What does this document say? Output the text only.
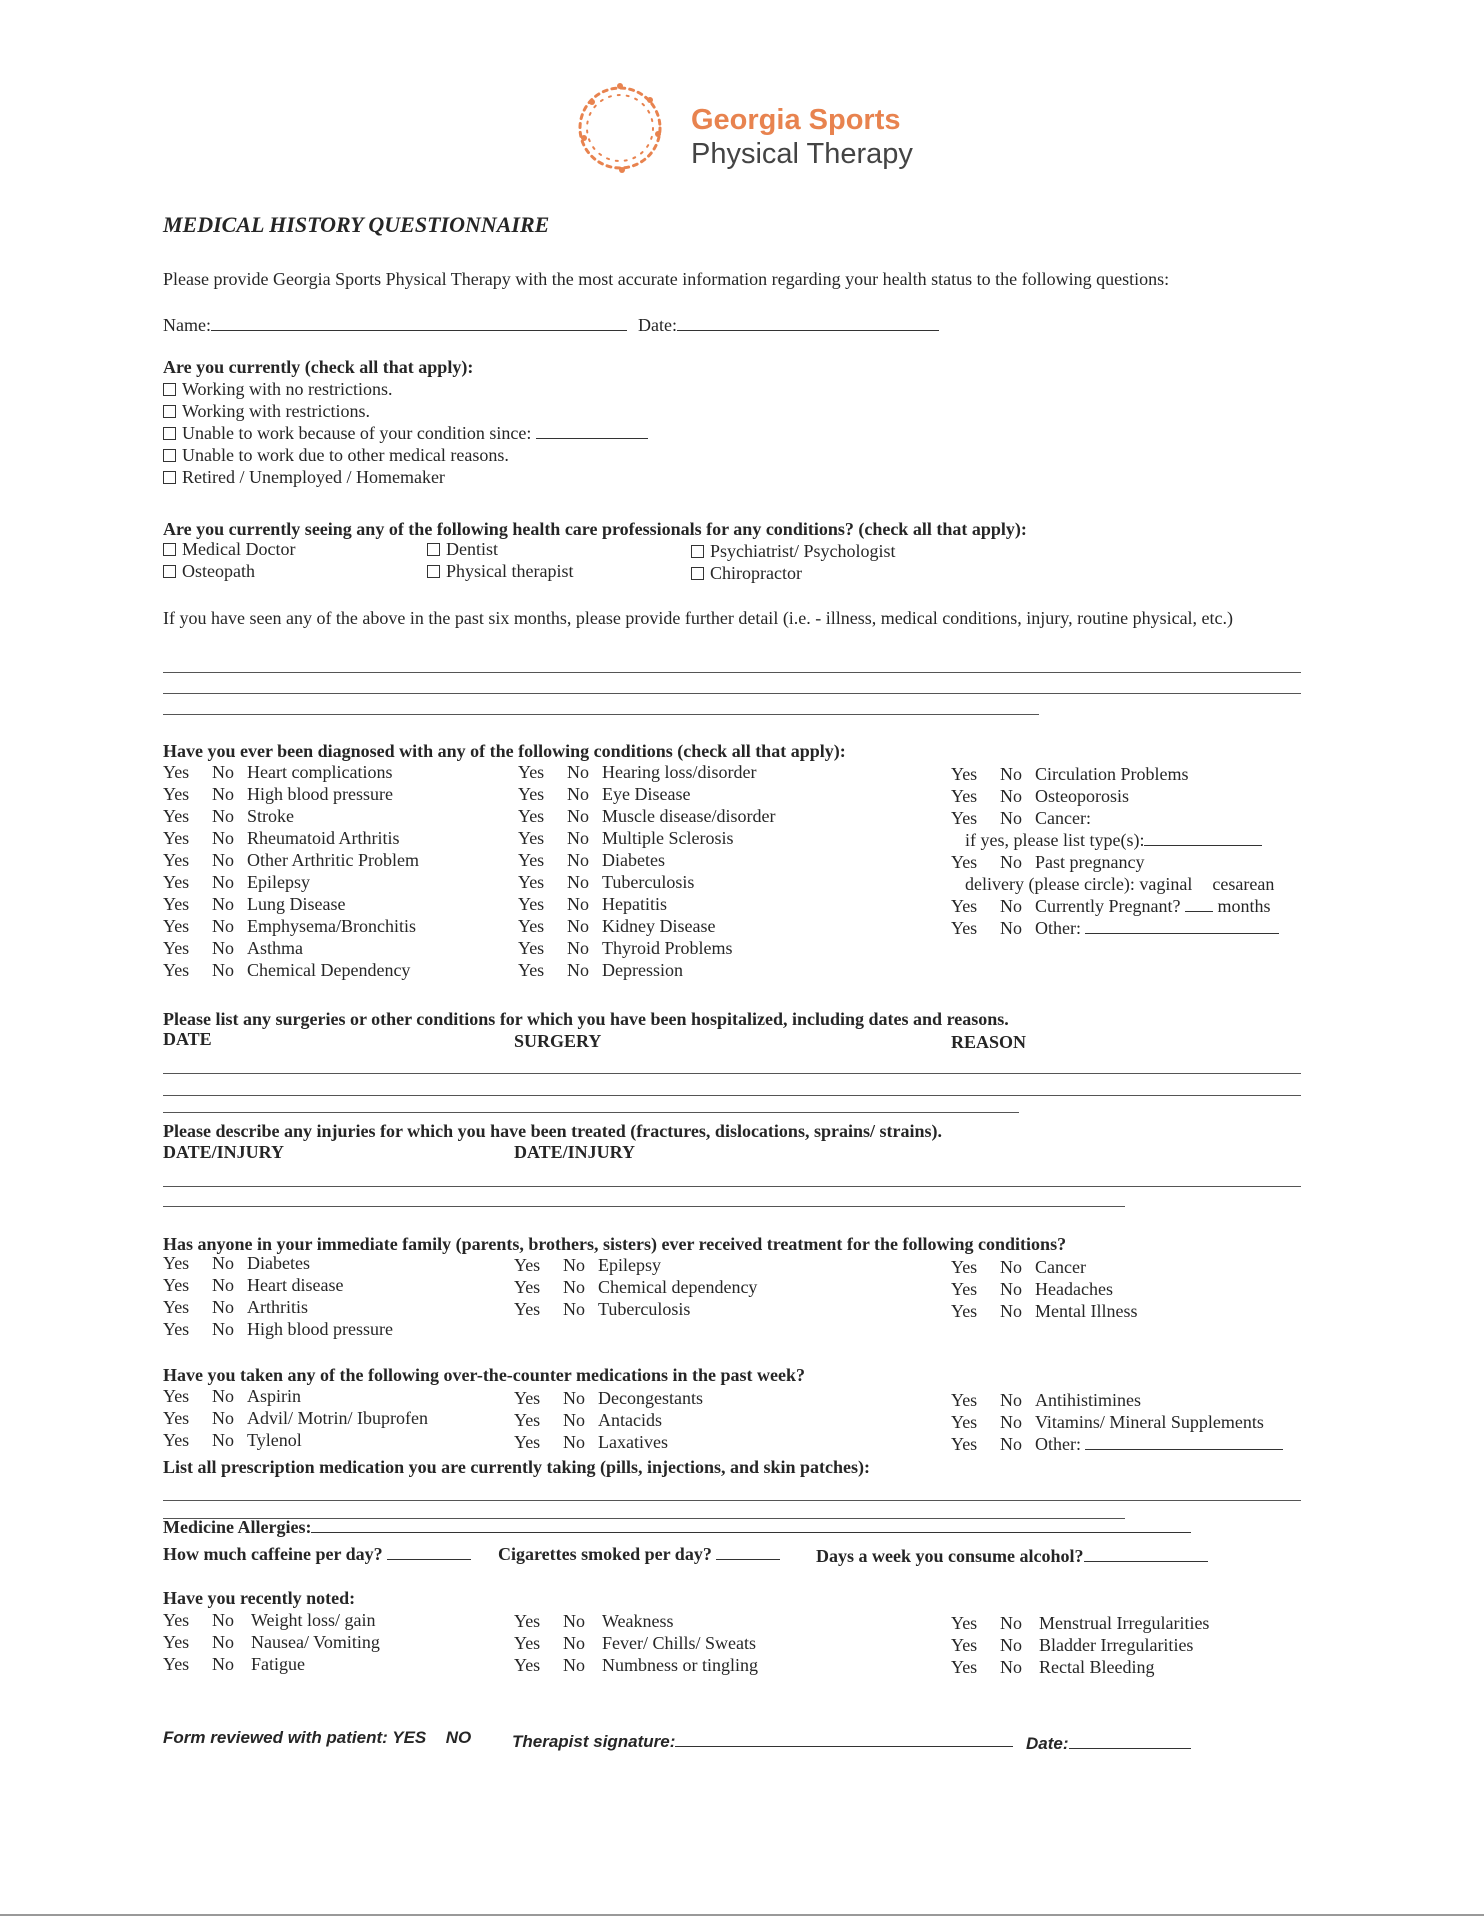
Georgia Sports
Physical Therapy
MEDICAL HISTORY QUESTIONNAIRE
Please provide Georgia Sports Physical Therapy with the most accurate information regarding your health status to the following questions:
Name:	Date:
Are you currently (check all that apply):
Working with no restrictions.
Working with restrictions.
Unable to work because of your condition since:
Unable to work due to other medical reasons.
Retired / Unemployed / Homemaker
Are you currently seeing any of the following health care professionals for any conditions? (check all that apply):
Medical Doctor
Osteopath
Dentist
Physical therapist
Psychiatrist/ Psychologist
Chiropractor
If you have seen any of the above in the past six months, please provide further detail (i.e. - illness, medical conditions, injury, routine physical, etc.)
Have you ever been diagnosed with any of the following conditions (check all that apply):
Yes No Heart complications
Yes No High blood pressure
Yes No Stroke
Yes No Rheumatoid Arthritis
Yes No Other Arthritic Problem
Yes No Epilepsy
Yes No Lung Disease
Yes No Emphysema/Bronchitis
Yes No Asthma
Yes No Chemical Dependency
Yes No Hearing loss/disorder
Yes No Eye Disease
Yes No Muscle disease/disorder
Yes No Multiple Sclerosis
Yes No Diabetes
Yes No Tuberculosis
Yes No Hepatitis
Yes No Kidney Disease
Yes No Thyroid Problems
Yes No Depression
Yes No Circulation Problems
Yes No Osteoporosis
Yes No Cancer:
if yes, please list type(s):
Yes No Past pregnancy
delivery (please circle): vaginal cesarean
Yes No Currently Pregnant? months
Yes No Other:
Please list any surgeries or other conditions for which you have been hospitalized, including dates and reasons.
DATE	SURGERY	REASON
Please describe any injuries for which you have been treated (fractures, dislocations, sprains/ strains).
DATE/INJURY	DATE/INJURY
Has anyone in your immediate family (parents, brothers, sisters) ever received treatment for the following conditions?
Yes No Diabetes
Yes No Heart disease
Yes No Arthritis
Yes No High blood pressure
Yes No Epilepsy
Yes No Chemical dependency
Yes No Tuberculosis
Yes No Cancer
Yes No Headaches
Yes No Mental Illness
Have you taken any of the following over-the-counter medications in the past week?
Yes No Aspirin
Yes No Advil/ Motrin/ Ibuprofen
Yes No Tylenol
Yes No Decongestants
Yes No Antacids
Yes No Laxatives
Yes No Antihistimines
Yes No Vitamins/ Mineral Supplements
Yes No Other:
List all prescription medication you are currently taking (pills, injections, and skin patches):
Medicine Allergies:
How much caffeine per day?	Cigarettes smoked per day?	Days a week you consume alcohol?
Have you recently noted:
Yes No Weight loss/ gain
Yes No Nausea/ Vomiting
Yes No Fatigue
Yes No Weakness
Yes No Fever/ Chills/ Sweats
Yes No Numbness or tingling
Yes No Menstrual Irregularities
Yes No Bladder Irregularities
Yes No Rectal Bleeding
Form reviewed with patient: YES NO Therapist signature:	Date:
